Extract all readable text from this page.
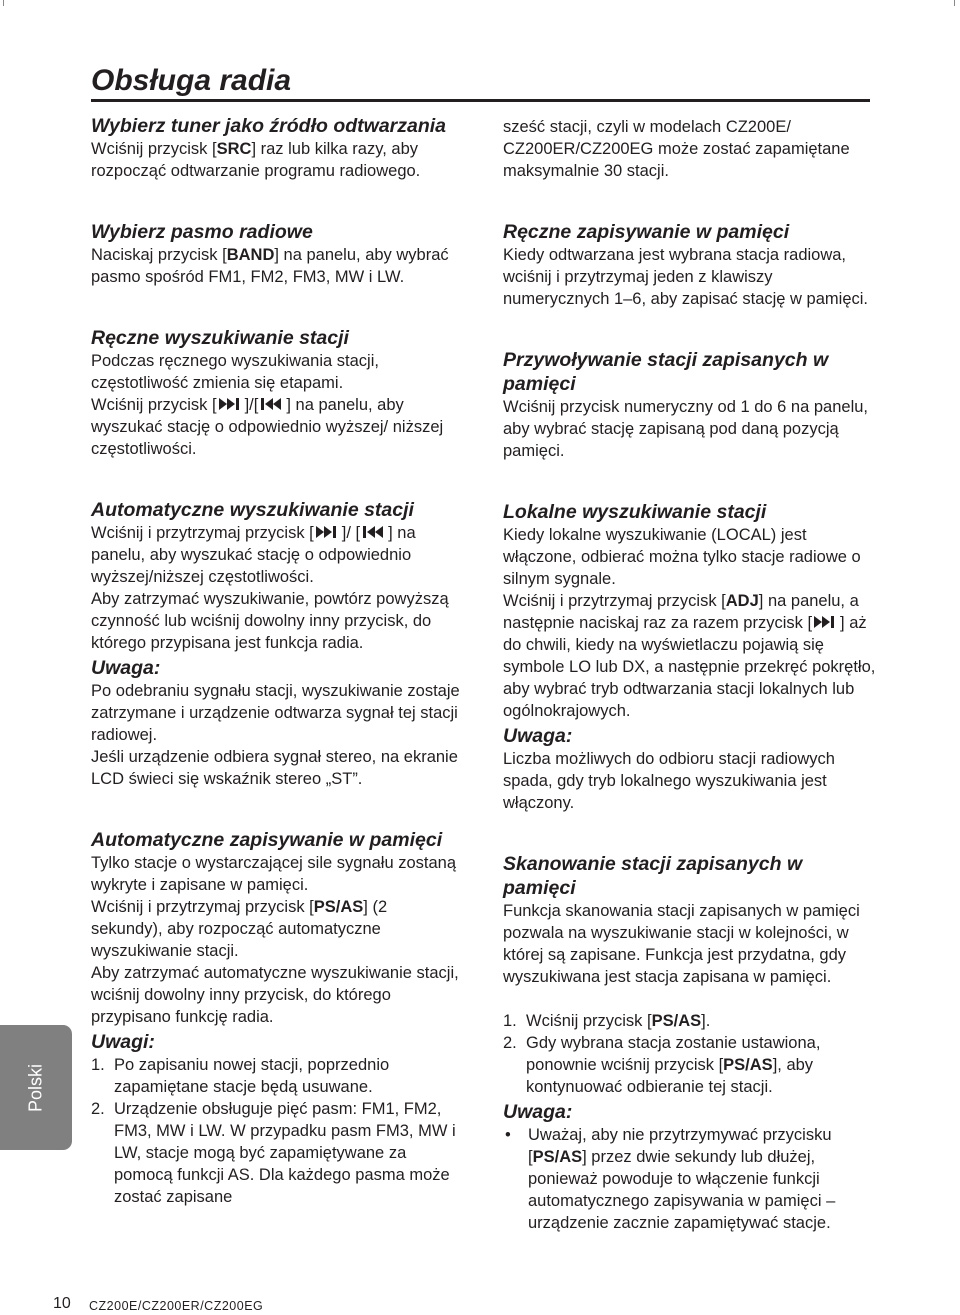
Obsługa radia

Wybierz tuner jako źródło odtwarzania

Wciśnij przycisk [SRC] raz lub kilka razy, aby rozpocząć odtwarzanie programu radiowego.

Wybierz pasmo radiowe

Naciskaj przycisk [BAND] na panelu, aby wybrać pasmo spośród FM1, FM2, FM3, MW i LW.

Ręczne wyszukiwanie stacji

Podczas ręcznego wyszukiwania stacji, częstotliwość zmienia się etapami.

Wciśnij przycisk [ ]/[ ] na panelu, aby wyszukać stację o odpowiednio wyższej/ niższej częstotliwości.

Automatyczne wyszukiwanie stacji

Wciśnij i przytrzymaj przycisk [ ]/ [ ] na panelu, aby wyszukać stację o odpowiednio wyższej/niższej częstotliwości.

Aby zatrzymać wyszukiwanie, powtórz powyższą czynność lub wciśnij dowolny inny przycisk, do którego przypisana jest funkcja radia.

Uwaga:

Po odebraniu sygnału stacji, wyszukiwanie zostaje zatrzymane i urządzenie odtwarza sygnał tej stacji radiowej.

Jeśli urządzenie odbiera sygnał stereo, na ekranie LCD świeci się wskaźnik stereo „ST”.

Automatyczne zapisywanie w pamięci

Tylko stacje o wystarczającej sile sygnału zostaną wykryte i zapisane w pamięci.

Wciśnij i przytrzymaj przycisk [PS/AS] (2 sekundy), aby rozpocząć automatyczne wyszukiwanie stacji.

Aby zatrzymać automatyczne wyszukiwanie stacji, wciśnij dowolny inny przycisk, do którego przypisano funkcję radia.

Uwagi:

1. Po zapisaniu nowej stacji, poprzednio zapamiętane stacje będą usuwane.
2. Urządzenie obsługuje pięć pasm: FM1, FM2, FM3, MW i LW. W przypadku pasm FM3, MW i LW, stacje mogą być zapamiętywane za pomocą funkcji AS. Dla każdego pasma może zostać zapisane

sześć stacji, czyli w modelach CZ200E/ CZ200ER/CZ200EG może zostać zapamiętane maksymalnie 30 stacji.

Ręczne zapisywanie w pamięci

Kiedy odtwarzana jest wybrana stacja radiowa, wciśnij i przytrzymaj jeden z klawiszy numerycznych 1–6, aby zapisać stację w pamięci.

Przywoływanie stacji zapisanych w pamięci

Wciśnij przycisk numeryczny od 1 do 6 na panelu, aby wybrać stację zapisaną pod daną pozycją pamięci.

Lokalne wyszukiwanie stacji

Kiedy lokalne wyszukiwanie (LOCAL) jest włączone, odbierać można tylko stacje radiowe o silnym sygnale.

Wciśnij i przytrzymaj przycisk [ADJ] na panelu, a następnie naciskaj raz za razem przycisk [ ] aż do chwili, kiedy na wyświetlaczu pojawią się symbole LO lub DX, a następnie przekręć pokrętło, aby wybrać tryb odtwarzania stacji lokalnych lub ogólnokrajowych.

Uwaga:

Liczba możliwych do odbioru stacji radiowych spada, gdy tryb lokalnego wyszukiwania jest włączony.

Skanowanie stacji zapisanych w pamięci

Funkcja skanowania stacji zapisanych w pamięci pozwala na wyszukiwanie stacji w kolejności, w której są zapisane. Funkcja jest przydatna, gdy wyszukiwana jest stacja zapisana w pamięci.

1. Wciśnij przycisk [PS/AS].
2. Gdy wybrana stacja zostanie ustawiona, ponownie wciśnij przycisk [PS/AS], aby kontynuować odbieranie tej stacji.

Uwaga:

•	Uważaj, aby nie przytrzymywać przycisku [PS/AS] przez dwie sekundy lub dłużej, ponieważ powoduje to włączenie funkcji automatycznego zapisywania w pamięci – urządzenie zacznie zapamiętywać stacje.
Polski
10 CZ200E/CZ200ER/CZ200EG
